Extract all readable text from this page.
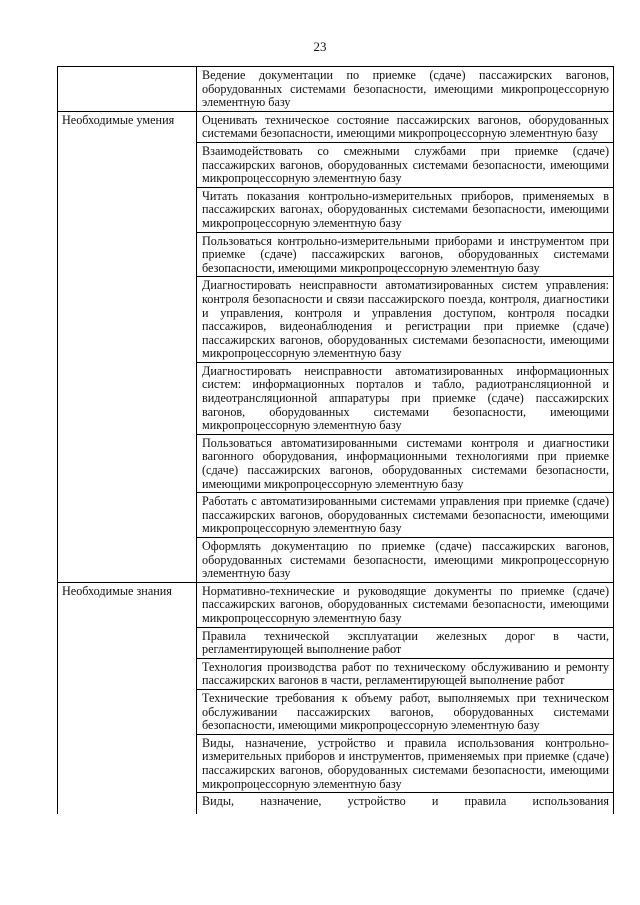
23
	Ведение документации по приемке (сдаче) пассажирских вагонов, оборудованных системами безопасности, имеющими микропроцессорную элементную базу
Необходимые умения	Оценивать техническое состояние пассажирских вагонов, оборудованных системами безопасности, имеющими микропроцессорную элементную базу
	Взаимодействовать со смежными службами при приемке (сдаче) пассажирских вагонов, оборудованных системами безопасности, имеющими микропроцессорную элементную базу
	Читать показания контрольно-измерительных приборов, применяемых в пассажирских вагонах, оборудованных системами безопасности, имеющими микропроцессорную элементную базу
	Пользоваться контрольно-измерительными приборами и инструментом при приемке (сдаче) пассажирских вагонов, оборудованных системами безопасности, имеющими микропроцессорную элементную базу
	Диагностировать неисправности автоматизированных систем управления: контроля безопасности и связи пассажирского поезда, контроля, диагностики и управления, контроля и управления доступом, контроля посадки пассажиров, видеонаблюдения и регистрации при приемке (сдаче) пассажирских вагонов, оборудованных системами безопасности, имеющими микропроцессорную элементную базу
	Диагностировать неисправности автоматизированных информационных систем: информационных порталов и табло, радиотрансляционной и видеотрансляционной аппаратуры при приемке (сдаче) пассажирских вагонов, оборудованных системами безопасности, имеющими микропроцессорную элементную базу
	Пользоваться автоматизированными системами контроля и диагностики вагонного оборудования, информационными технологиями при приемке (сдаче) пассажирских вагонов, оборудованных системами безопасности, имеющими микропроцессорную элементную базу
	Работать с автоматизированными системами управления при приемке (сдаче) пассажирских вагонов, оборудованных системами безопасности, имеющими микропроцессорную элементную базу
	Оформлять документацию по приемке (сдаче) пассажирских вагонов, оборудованных системами безопасности, имеющими микропроцессорную элементную базу
Необходимые знания	Нормативно-технические и руководящие документы по приемке (сдаче) пассажирских вагонов, оборудованных системами безопасности, имеющими микропроцессорную элементную базу
	Правила технической эксплуатации железных дорог в части, регламентирующей выполнение работ
	Технология производства работ по техническому обслуживанию и ремонту пассажирских вагонов в части, регламентирующей выполнение работ
	Технические требования к объему работ, выполняемых при техническом обслуживании пассажирских вагонов, оборудованных системами безопасности, имеющими микропроцессорную элементную базу
	Виды, назначение, устройство и правила использования контрольно-измерительных приборов и инструментов, применяемых при приемке (сдаче) пассажирских вагонов, оборудованных системами безопасности, имеющими микропроцессорную элементную базу
	Виды, назначение, устройство и правила использования
